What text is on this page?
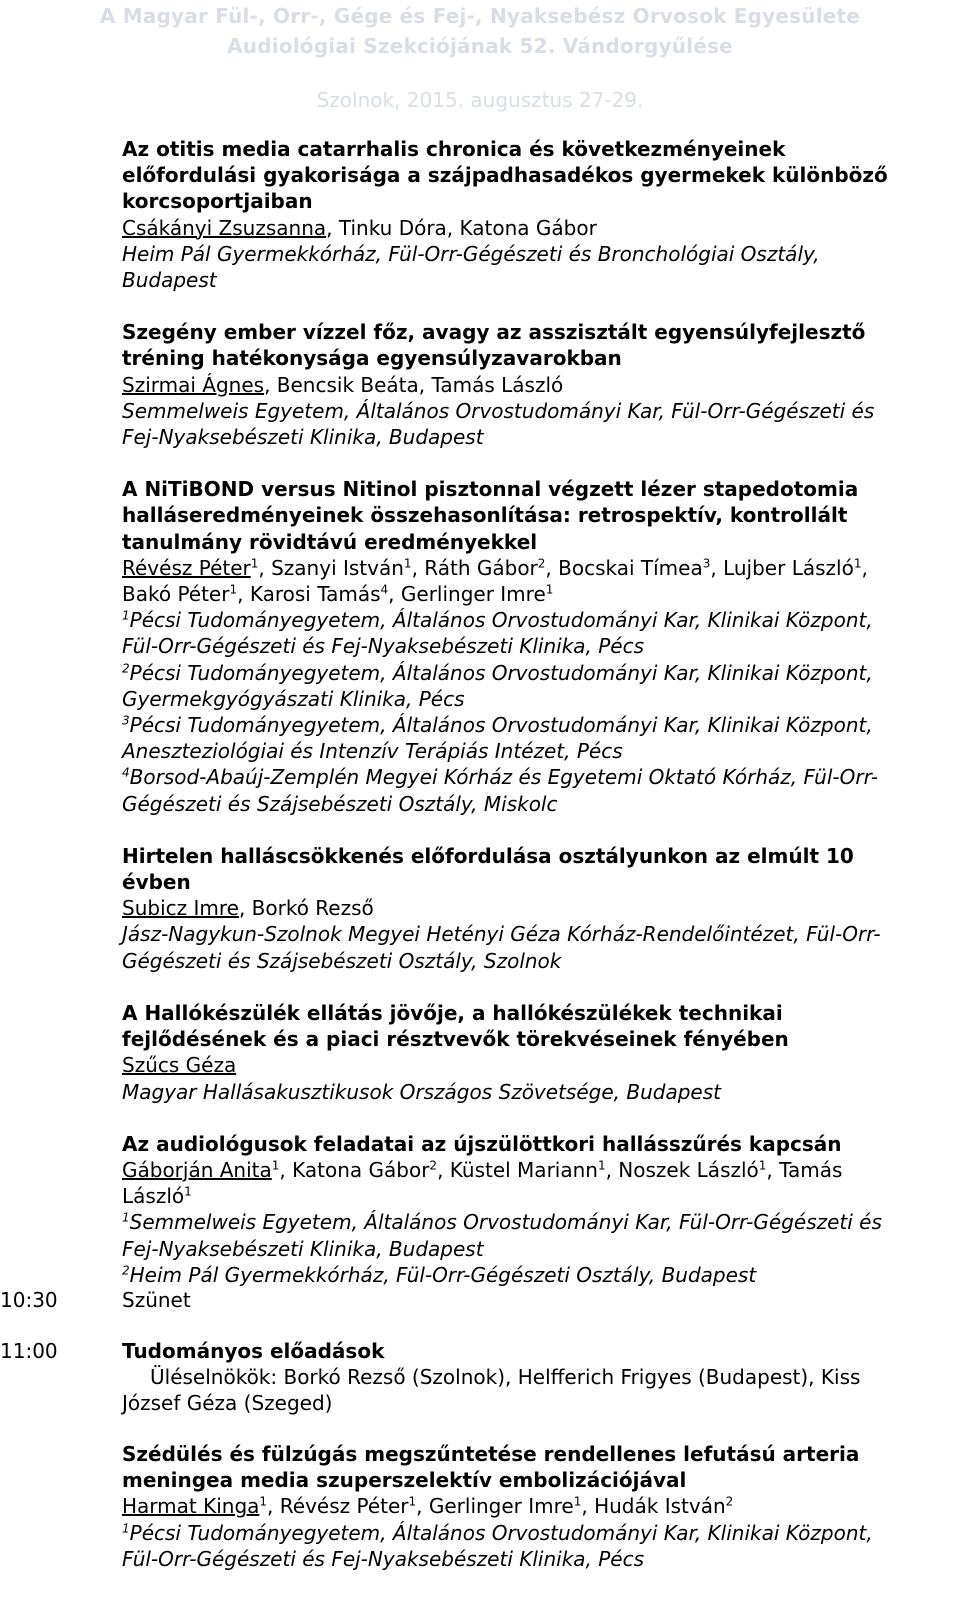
A Magyar Fül-, Orr-, Gége és Fej-, Nyaksebész Orvosok Egyesülete
Audiológiai Szekciójának 52. Vándorgyűlése
Szolnok, 2015. augusztus 27-29.
Az otitis media catarrhalis chronica és következményeinek
előfordulási gyakorisága a szájpadhasadékos gyermekek különböző
korcsoportjaiban
Csákányi Zsuzsanna, Tinku Dóra, Katona Gábor
Heim Pál Gyermekkórház, Fül-Orr-Gégészeti és Bronchológiai Osztály,
Budapest
Szegény ember vízzel főz, avagy az asszisztált egyensúlyfejlesztő
tréning hatékonysága egyensúlyzavarokban
Szirmai Ágnes, Bencsik Beáta, Tamás László
Semmelweis Egyetem, Általános Orvostudományi Kar, Fül-Orr-Gégészeti és
Fej-Nyaksebészeti Klinika, Budapest
A NiTiBOND versus Nitinol pisztonnal végzett lézer stapedotomia
halláseredményeinek összehasonlítása: retrospektív, kontrollált
tanulmány rövidtávú eredményekkel
Révész Péter$^1$, Szanyi István$^1$, Ráth Gábor$^2$, Bocskai Tímea$^3$, Lujber László$^1$,
Bakó Péter$^1$, Karosi Tamás$^4$, Gerlinger Imre$^1$
$^1$Pécsi Tudományegyetem, Általános Orvostudományi Kar, Klinikai Központ,
Fül-Orr-Gégészeti és Fej-Nyaksebészeti Klinika, Pécs
$^2$Pécsi Tudományegyetem, Általános Orvostudományi Kar, Klinikai Központ,
Gyermekgyógyászati Klinika, Pécs
$^3$Pécsi Tudományegyetem, Általános Orvostudományi Kar, Klinikai Központ,
Aneszteziológiai és Intenzív Terápiás Intézet, Pécs
$^4$Borsod-Abaúj-Zemplén Megyei Kórház és Egyetemi Oktató Kórház, Fül-Orr-
Gégészeti és Szájsebészeti Osztály, Miskolc
Hirtelen halláscsökkenés előfordulása osztályunkon az elmúlt 10
évben
Subicz Imre, Borkó Rezső
Jász-Nagykun-Szolnok Megyei Hetényi Géza Kórház-Rendelőintézet, Fül-Orr-
Gégészeti és Szájsebészeti Osztály, Szolnok
A Hallókészülék ellátás jövője, a hallókészülékek technikai
fejlődésének és a piaci résztvevők törekvéseinek fényében
Szűcs Géza
Magyar Hallásakusztikusok Országos Szövetsége, Budapest
Az audiológusok feladatai az újszülöttkori hallásszűrés kapcsán
Gáborján Anita$^1$, Katona Gábor$^2$, Küstel Mariann$^1$, Noszek László$^1$, Tamás
László$^1$
$^1$Semmelweis Egyetem, Általános Orvostudományi Kar, Fül-Orr-Gégészeti és
Fej-Nyaksebészeti Klinika, Budapest
$^2$Heim Pál Gyermekkórház, Fül-Orr-Gégészeti Osztály, Budapest
10:30	Szünet
11:00	Tudományos előadások
Üléselnökök: Borkó Rezső (Szolnok), Helfferich Frigyes (Budapest), Kiss
József Géza (Szeged)
Szédülés és fülzúgás megszűntetése rendellenes lefutású arteria
meningea media szuperszelektív embolizációjával
Harmat Kinga$^1$, Révész Péter$^1$, Gerlinger Imre$^1$, Hudák István$^2$
$^1$Pécsi Tudományegyetem, Általános Orvostudományi Kar, Klinikai Központ,
Fül-Orr-Gégészeti és Fej-Nyaksebészeti Klinika, Pécs
